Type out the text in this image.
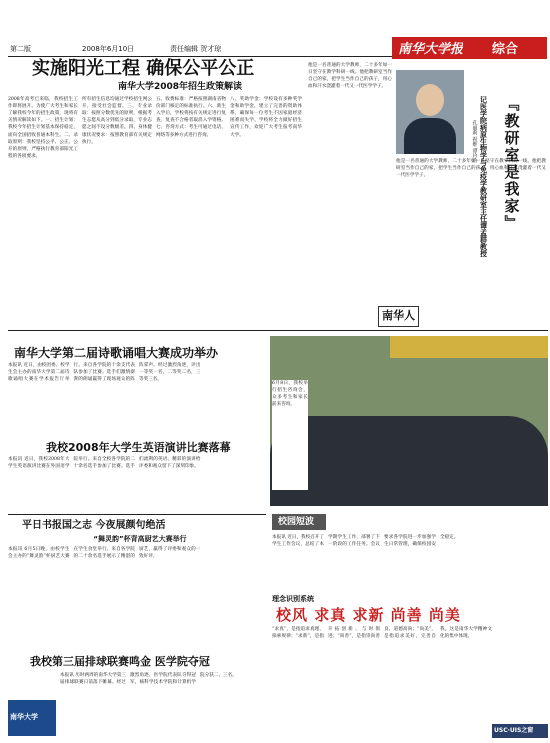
第二版	2008年6月10日	责任编辑 贺才琼	南华大学报 综合
实施阳光工程 确保公平公正
南华大学2008年招生政策解读
2008年高考已来临，我校招生工作即将展开。为使广大考生和家长了解我校今年的招生政策，现将有关情况解读如下。一、招生计划：我校今年招生计划基本保持稳定，面向全国招收普通本科生。二、录取原则：我校坚持公平、公正、公开的原则，严格执行教育部阳光工程的各项要求。
所有招生信息均通过学校招生网公开，接受社会监督。三、专业录取：按照分数优先的原则，根据考生志愿从高分到低分录取，专业志愿之间不设分数级差。四、身体健康状况要求：按照教育部有关规定执行。
五、收费标准：严格按照湖南省物价部门核定的标准执行。六、新生入学后，学校将按有关规定进行复查，复查不合格者取消入学资格。七、咨询方式：考生可通过电话、网络等多种方式进行咨询。
八、奖助学金：学校设有多种奖学金和助学金，建立了完善的资助体系，确保每一位考生不因家庭经济困难而失学。学校将全力做好招生宣传工作，欢迎广大考生报考南华大学。
他是一名普通的大学教师，二十多年如一日坚守在教学科研一线。他把教研室当作自己的家，把学生当作自己的孩子，用心血和汗水浇灌着一代又一代医学学子。
『教研室是我家』
记医学院病原生物学与免疫学教研室主任谭孟群教授
孔丽莉 祝维 谭玲玲
他是一名普通的大学教师，二十多年如一日坚守在教学科研一线。他把教研室当作自己的家，把学生当作自己的孩子，用心血和汗水浇灌着一代又一代医学学子。
南华人
南华大学第二届诗歌诵唱大赛成功举办
本报讯 近日，由校团委、校学生会主办的南华大学第二届诗歌诵唱大赛在学术报告厅举行。来自各学院的十余支代表队参加了比赛。选手们激情澎湃的朗诵赢得了现场观众的阵阵掌声。经过激烈角逐，评出一等奖一名，二等奖二名，三等奖三名。
6月8日，我校举行招生咨询会，众多考生和家长前来咨询。
我校2008年大学生英语演讲比赛落幕
本报讯 近日，我校2008年大学生英语演讲比赛在外国语学院举行。来自全校各学院的二十余名选手参加了比赛。选手们流利的英语、精彩的演讲给评委和观众留下了深刻印象。
平日书报国之志 今夜展颜句绝活
“舞灵韵”杯背高厨艺大赛举行
本报讯 6月5日晚，由校学生会主办的“舞灵韵”杯厨艺大赛在学生食堂举行。来自各学院的二十余名选手展示了精湛的厨艺，赢得了评委和观众的一致好评。
我校第三届排球联赛鸣金 医学院夺冠
本报讯 历时两周的南华大学第三届排球联赛日前落下帷幕。经过激烈角逐，医学院代表队夺得冠军，核科学技术学院和计算机学院分获二、三名。
南华大学
校园短波
本报讯 近日，我校召开了学生工作会议，总结了本学期学生工作，部署了下一阶段的工作任务。会议要求各学院进一步加强学生日常管理，确保校园安全稳定。
理念识别系统
校风 求真 求新 尚善 尚美
“求真”，是指追求真理、探索规律；“求新”，是指开拓创新、与时俱进；“尚善”，是指崇尚善良、道德高尚；“尚美”，是指追求美好、完善自我。这是南华大学精神文化的集中体现。
USC·UIS之窗
